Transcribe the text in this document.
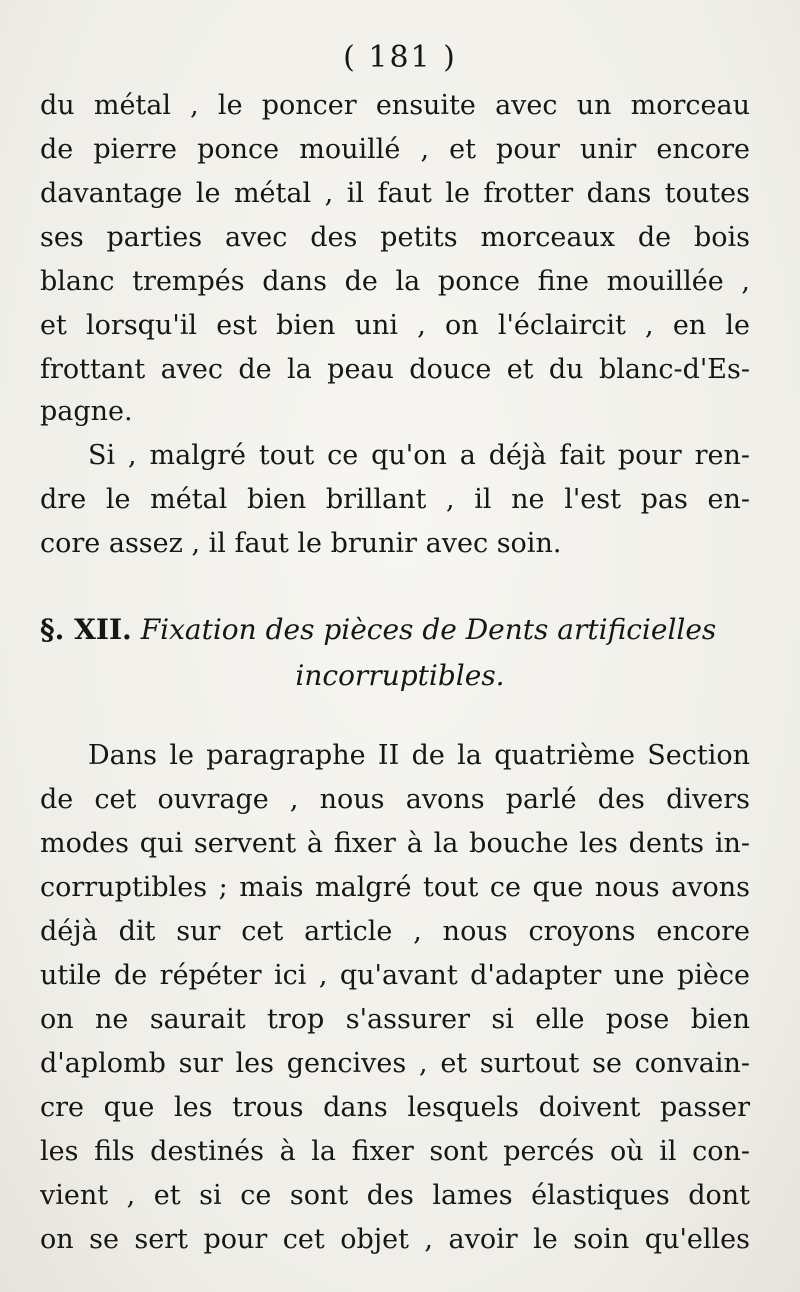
( 181 )
du métal , le poncer ensuite avec un morceau
de pierre ponce mouillé , et pour unir encore
davantage le métal , il faut le frotter dans toutes
ses parties avec des petits morceaux de bois
blanc trempés dans de la ponce fine mouillée ,
et lorsqu'il est bien uni , on l'éclaircit , en le
frottant avec de la peau douce et du blanc-d'Es-
pagne.
Si , malgré tout ce qu'on a déjà fait pour ren-
dre le métal bien brillant , il ne l'est pas en-
core assez , il faut le brunir avec soin.
§. XII. Fixation des pièces de Dents artificielles
incorruptibles.
Dans le paragraphe II de la quatrième Section
de cet ouvrage , nous avons parlé des divers
modes qui servent à fixer à la bouche les dents in-
corruptibles ; mais malgré tout ce que nous avons
déjà dit sur cet article , nous croyons encore
utile de répéter ici , qu'avant d'adapter une pièce
on ne saurait trop s'assurer si elle pose bien
d'aplomb sur les gencives , et surtout se convain-
cre que les trous dans lesquels doivent passer
les fils destinés à la fixer sont percés où il con-
vient , et si ce sont des lames élastiques dont
on se sert pour cet objet , avoir le soin qu'elles
